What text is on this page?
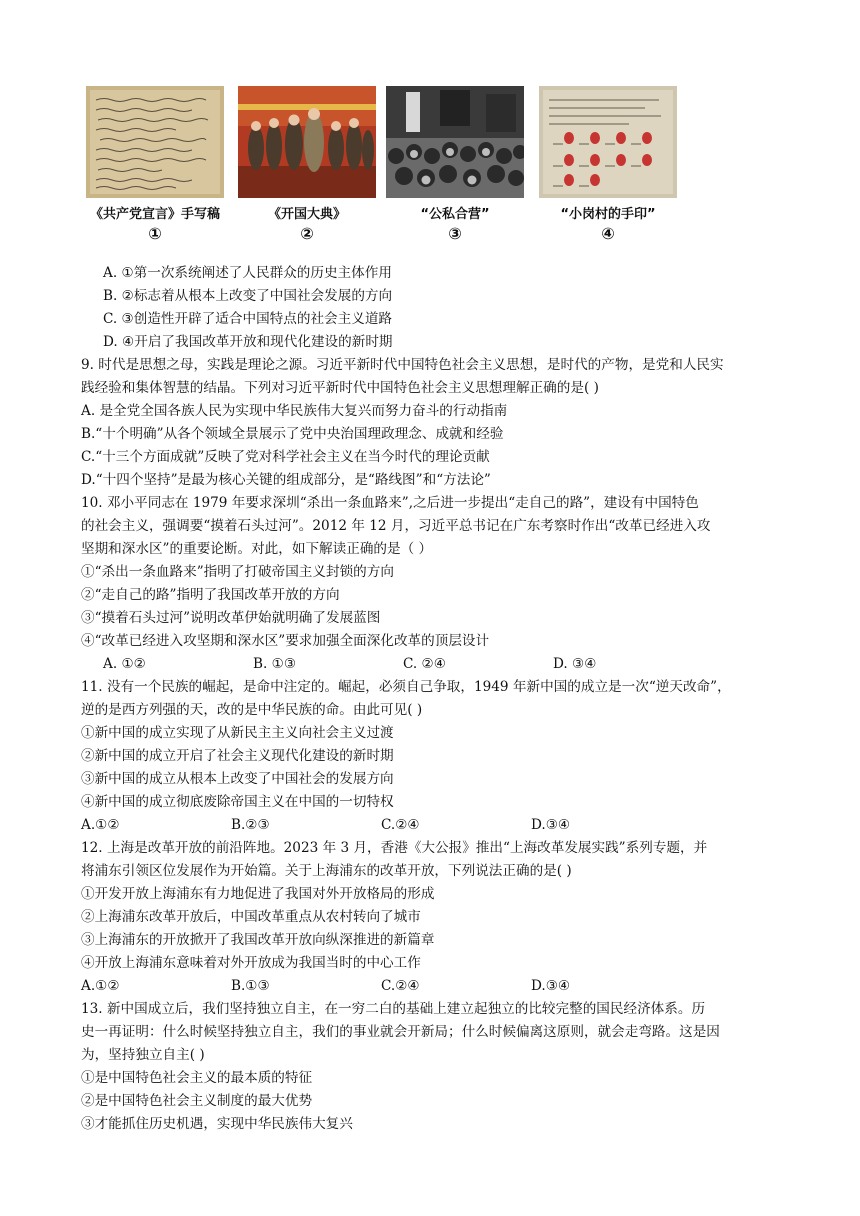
《共产党宣言》手写稿
①
《开国大典》
②
“公私合营”
③
“小岗村的手印”
④
A. ①第一次系统阐述了人民群众的历史主体作用
B. ②标志着从根本上改变了中国社会发展的方向
C. ③创造性开辟了适合中国特点的社会主义道路
D. ④开启了我国改革开放和现代化建设的新时期
9. 时代是思想之母，实践是理论之源。习近平新时代中国特色社会主义思想，是时代的产物，是党和人民实
践经验和集体智慧的结晶。下列对习近平新时代中国特色社会主义思想理解正确的是( )
A. 是全党全国各族人民为实现中华民族伟大复兴而努力奋斗的行动指南
B.“十个明确”从各个领域全景展示了党中央治国理政理念、成就和经验
C.“十三个方面成就”反映了党对科学社会主义在当今时代的理论贡献
D.“十四个坚持”是最为核心关键的组成部分，是“路线图”和“方法论”
10. 邓小平同志在 1979 年要求深圳“杀出一条血路来”,之后进一步提出“走自己的路”，建设有中国特色
的社会主义，强调要“摸着石头过河”。2012 年 12 月，习近平总书记在广东考察时作出“改革已经进入攻
坚期和深水区”的重要论断。对此，如下解读正确的是（ ）
①“杀出一条血路来”指明了打破帝国主义封锁的方向
②“走自己的路”指明了我国改革开放的方向
③“摸着石头过河”说明改革伊始就明确了发展蓝图
④“改革已经进入攻坚期和深水区”要求加强全面深化改革的顶层设计
A. ①②	B. ①③	C. ②④	D. ③④
11. 没有一个民族的崛起，是命中注定的。崛起，必须自己争取，1949 年新中国的成立是一次“逆天改命”，
逆的是西方列强的天，改的是中华民族的命。由此可见( )
①新中国的成立实现了从新民主主义向社会主义过渡
②新中国的成立开启了社会主义现代化建设的新时期
③新中国的成立从根本上改变了中国社会的发展方向
④新中国的成立彻底废除帝国主义在中国的一切特权
A.①②	B.②③	C.②④	D.③④
12. 上海是改革开放的前沿阵地。2023 年 3 月，香港《大公报》推出“上海改革发展实践”系列专题，并
将浦东引领区位发展作为开始篇。关于上海浦东的改革开放，下列说法正确的是( )
①开发开放上海浦东有力地促进了我国对外开放格局的形成
②上海浦东改革开放后，中国改革重点从农村转向了城市
③上海浦东的开放掀开了我国改革开放向纵深推进的新篇章
④开放上海浦东意味着对外开放成为我国当时的中心工作
A.①②	B.①③	C.②④	D.③④
13. 新中国成立后，我们坚持独立自主，在一穷二白的基础上建立起独立的比较完整的国民经济体系。历
史一再证明：什么时候坚持独立自主，我们的事业就会开新局；什么时候偏离这原则，就会走弯路。这是因
为，坚持独立自主( )
①是中国特色社会主义的最本质的特征
②是中国特色社会主义制度的最大优势
③才能抓住历史机遇，实现中华民族伟大复兴
